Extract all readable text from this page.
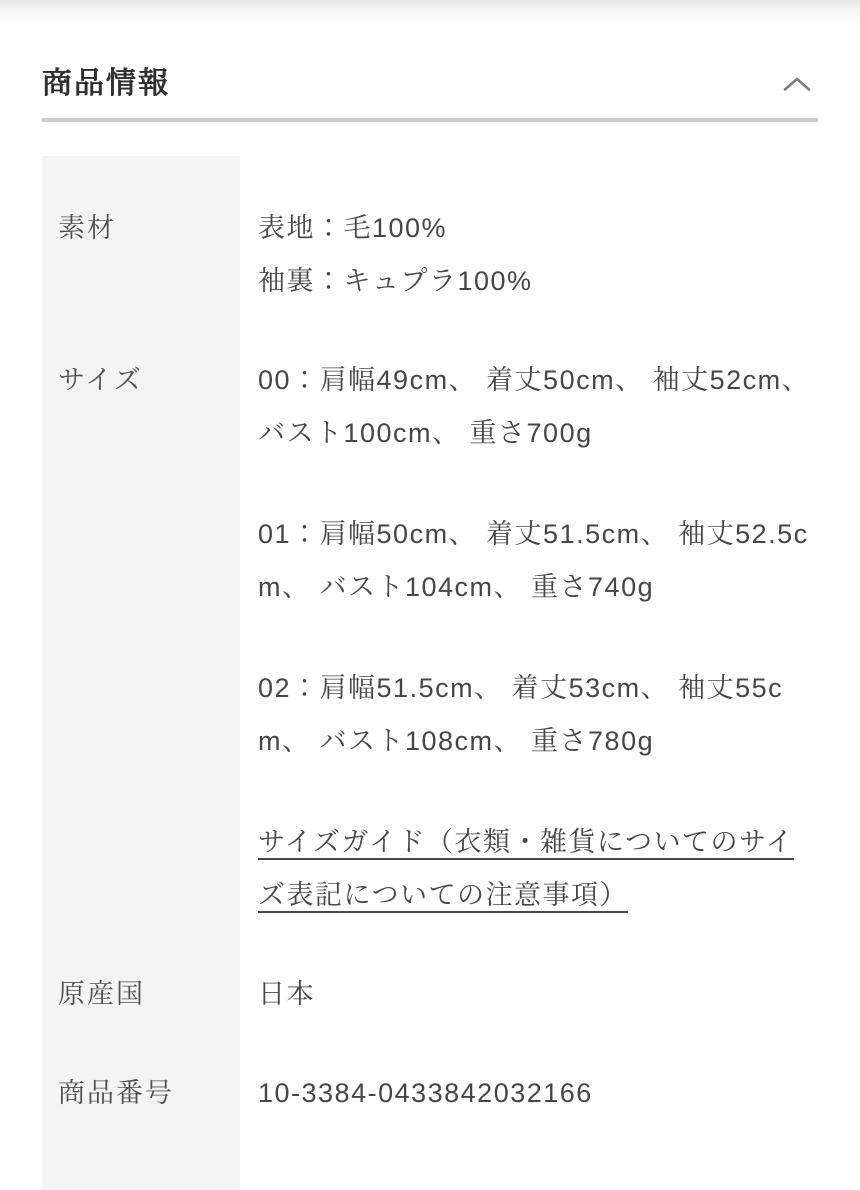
商品情報
素材	表地：毛100%
袖裏：キュプラ100%
サイズ	00：肩幅49cm、 着丈50cm、 袖丈52cm、 バスト100cm、 重さ700g
01：肩幅50cm、 着丈51.5cm、 袖丈52.5cm、 バスト104cm、 重さ740g
02：肩幅51.5cm、 着丈53cm、 袖丈55cm、 バスト108cm、 重さ780g
サイズガイド（衣類・雑貨についてのサイズ表記についての注意事項）
原産国	日本
商品番号	10-3384-0433842032166
